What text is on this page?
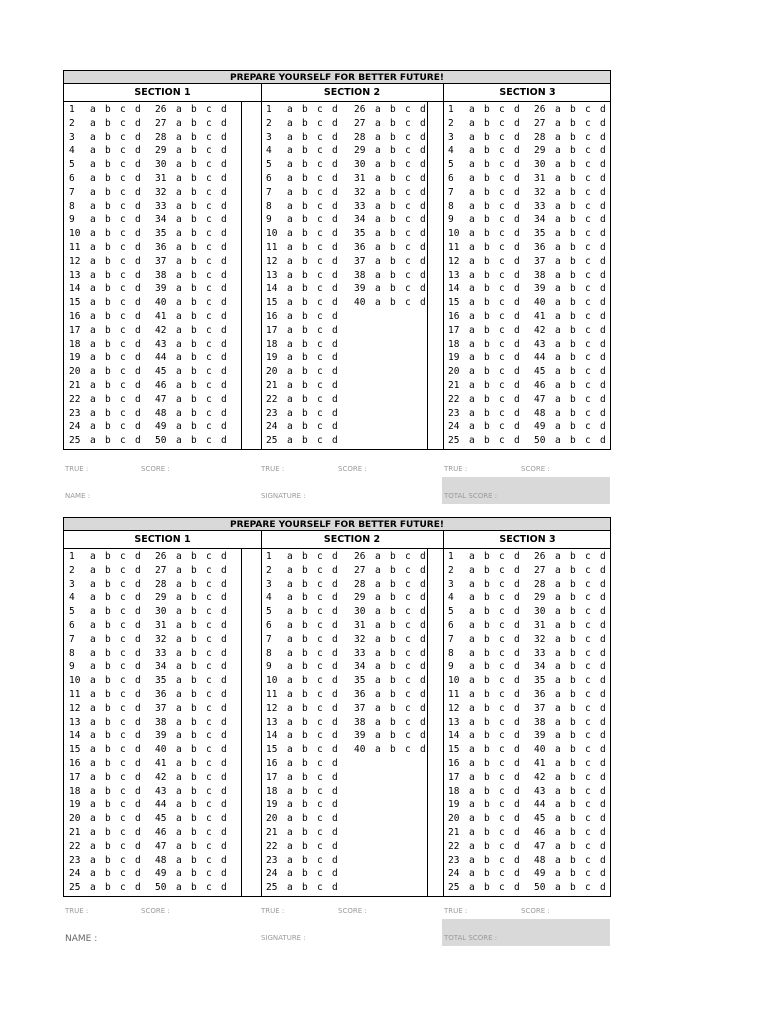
PREPARE YOURSELF FOR BETTER FUTURE!
SECTION 1
1	a b c d	26	a b c d
2	a b c d	27	a b c d
3	a b c d	28	a b c d
4	a b c d	29	a b c d
5	a b c d	30	a b c d
6	a b c d	31	a b c d
7	a b c d	32	a b c d
8	a b c d	33	a b c d
9	a b c d	34	a b c d
10	a b c d	35	a b c d
11	a b c d	36	a b c d
12	a b c d	37	a b c d
13	a b c d	38	a b c d
14	a b c d	39	a b c d
15	a b c d	40	a b c d
16	a b c d	41	a b c d
17	a b c d	42	a b c d
18	a b c d	43	a b c d
19	a b c d	44	a b c d
20	a b c d	45	a b c d
21	a b c d	46	a b c d
22	a b c d	47	a b c d
23	a b c d	48	a b c d
24	a b c d	49	a b c d
25	a b c d	50	a b c d
SECTION 2
1	a b c d	26	a b c d
2	a b c d	27	a b c d
3	a b c d	28	a b c d
4	a b c d	29	a b c d
5	a b c d	30	a b c d
6	a b c d	31	a b c d
7	a b c d	32	a b c d
8	a b c d	33	a b c d
9	a b c d	34	a b c d
10	a b c d	35	a b c d
11	a b c d	36	a b c d
12	a b c d	37	a b c d
13	a b c d	38	a b c d
14	a b c d	39	a b c d
15	a b c d	40	a b c d
16	a b c d
17	a b c d
18	a b c d
19	a b c d
20	a b c d
21	a b c d
22	a b c d
23	a b c d
24	a b c d
25	a b c d
SECTION 3
1	a b c d	26	a b c d
2	a b c d	27	a b c d
3	a b c d	28	a b c d
4	a b c d	29	a b c d
5	a b c d	30	a b c d
6	a b c d	31	a b c d
7	a b c d	32	a b c d
8	a b c d	33	a b c d
9	a b c d	34	a b c d
10	a b c d	35	a b c d
11	a b c d	36	a b c d
12	a b c d	37	a b c d
13	a b c d	38	a b c d
14	a b c d	39	a b c d
15	a b c d	40	a b c d
16	a b c d	41	a b c d
17	a b c d	42	a b c d
18	a b c d	43	a b c d
19	a b c d	44	a b c d
20	a b c d	45	a b c d
21	a b c d	46	a b c d
22	a b c d	47	a b c d
23	a b c d	48	a b c d
24	a b c d	49	a b c d
25	a b c d	50	a b c d
TRUE :	SCORE :	TRUE :	SCORE :	TRUE :	SCORE :
NAME :	SIGNATURE :	TOTAL SCORE :
PREPARE YOURSELF FOR BETTER FUTURE!
SECTION 1
1	a b c d	26	a b c d
2	a b c d	27	a b c d
3	a b c d	28	a b c d
4	a b c d	29	a b c d
5	a b c d	30	a b c d
6	a b c d	31	a b c d
7	a b c d	32	a b c d
8	a b c d	33	a b c d
9	a b c d	34	a b c d
10	a b c d	35	a b c d
11	a b c d	36	a b c d
12	a b c d	37	a b c d
13	a b c d	38	a b c d
14	a b c d	39	a b c d
15	a b c d	40	a b c d
16	a b c d	41	a b c d
17	a b c d	42	a b c d
18	a b c d	43	a b c d
19	a b c d	44	a b c d
20	a b c d	45	a b c d
21	a b c d	46	a b c d
22	a b c d	47	a b c d
23	a b c d	48	a b c d
24	a b c d	49	a b c d
25	a b c d	50	a b c d
SECTION 2
1	a b c d	26	a b c d
2	a b c d	27	a b c d
3	a b c d	28	a b c d
4	a b c d	29	a b c d
5	a b c d	30	a b c d
6	a b c d	31	a b c d
7	a b c d	32	a b c d
8	a b c d	33	a b c d
9	a b c d	34	a b c d
10	a b c d	35	a b c d
11	a b c d	36	a b c d
12	a b c d	37	a b c d
13	a b c d	38	a b c d
14	a b c d	39	a b c d
15	a b c d	40	a b c d
16	a b c d
17	a b c d
18	a b c d
19	a b c d
20	a b c d
21	a b c d
22	a b c d
23	a b c d
24	a b c d
25	a b c d
SECTION 3
1	a b c d	26	a b c d
2	a b c d	27	a b c d
3	a b c d	28	a b c d
4	a b c d	29	a b c d
5	a b c d	30	a b c d
6	a b c d	31	a b c d
7	a b c d	32	a b c d
8	a b c d	33	a b c d
9	a b c d	34	a b c d
10	a b c d	35	a b c d
11	a b c d	36	a b c d
12	a b c d	37	a b c d
13	a b c d	38	a b c d
14	a b c d	39	a b c d
15	a b c d	40	a b c d
16	a b c d	41	a b c d
17	a b c d	42	a b c d
18	a b c d	43	a b c d
19	a b c d	44	a b c d
20	a b c d	45	a b c d
21	a b c d	46	a b c d
22	a b c d	47	a b c d
23	a b c d	48	a b c d
24	a b c d	49	a b c d
25	a b c d	50	a b c d
TRUE :	SCORE :	TRUE :	SCORE :	TRUE :	SCORE :
NAME :	SIGNATURE :	TOTAL SCORE :
